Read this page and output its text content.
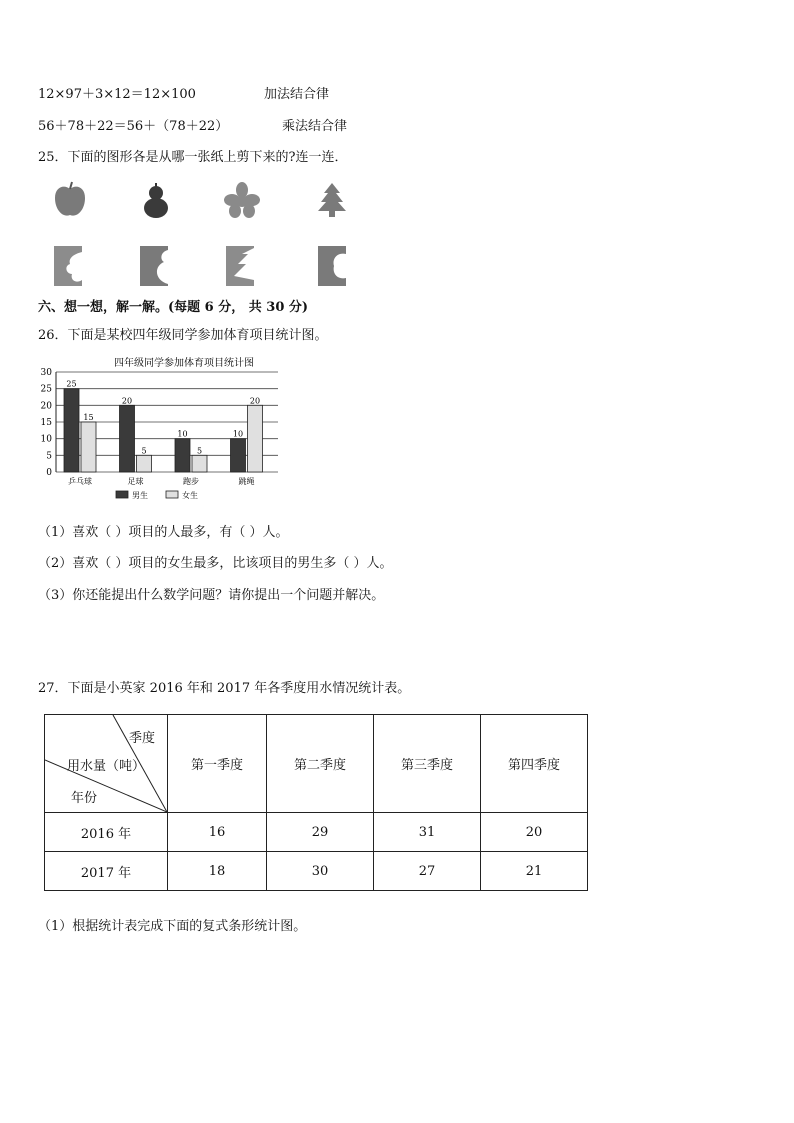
12×97＋3×12＝12×100	加法结合律
56＋78＋22＝56＋（78＋22）	乘法结合律
25．下面的图形各是从哪一张纸上剪下来的?连一连．
六、想一想，解一解。(每题 6 分， 共 30 分)
26．下面是某校四年级同学参加体育项目统计图。
四年级同学参加体育项目统计图
0
5
10
15
20
25
30
25
15
20
5
10
5
10
20
乒乓球	足球	跑步	跳绳
男生	女生
（1）喜欢（ ）项目的人最多，有（ ）人。
（2）喜欢（ ）项目的女生最多，比该项目的男生多（ ）人。
（3）你还能提出什么数学问题？请你提出一个问题并解决。
27．下面是小英家 2016 年和 2017 年各季度用水情况统计表。
季度
用水量（吨）
年份	第一季度	第二季度	第三季度	第四季度
2016 年	16	29	31	20
2017 年	18	30	27	21
（1）根据统计表完成下面的复式条形统计图。
